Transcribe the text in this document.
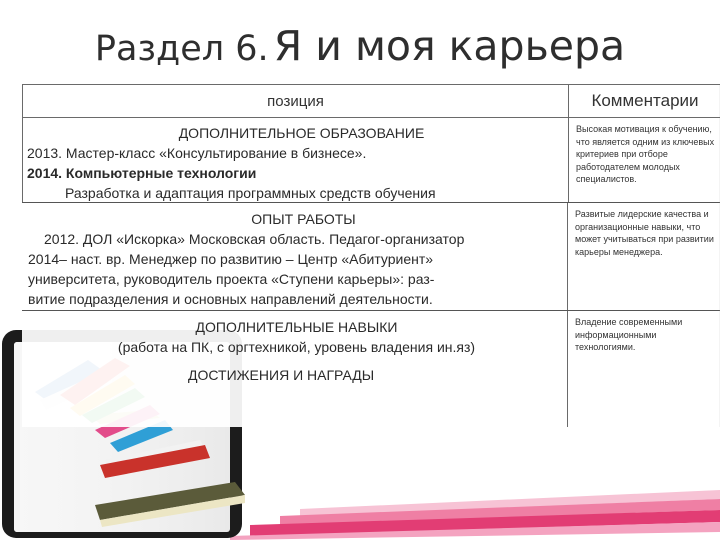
Раздел 6. Я и моя карьера
позиция	Комментарии
ДОПОЛНИТЕЛЬНОЕ ОБРАЗОВАНИЕ
2013. Мастер-класс «Консультирование в бизнесе».
2014. Компьютерные технологии
Разработка и адаптация программных средств обучения
Высокая мотивация к обучению, что является одним из ключевых критериев при отборе работодателем молодых специалистов.
ОПЫТ РАБОТЫ
2012. ДОЛ «Искорка» Московская область. Педагог-организатор
2014– наст. вр. Менеджер по развитию – Центр «Абитуриент»
университета, руководитель проекта «Ступени карьеры»: раз-
витие подразделения и основных направлений деятельности.
Развитые лидерские качества и организационные навыки, что может учитываться при развитии карьеры менеджера.
ДОПОЛНИТЕЛЬНЫЕ НАВЫКИ
(работа на ПК, с оргтехникой, уровень владения ин.яз)
ДОСТИЖЕНИЯ И НАГРАДЫ
Владение современными информационными технологиями.
